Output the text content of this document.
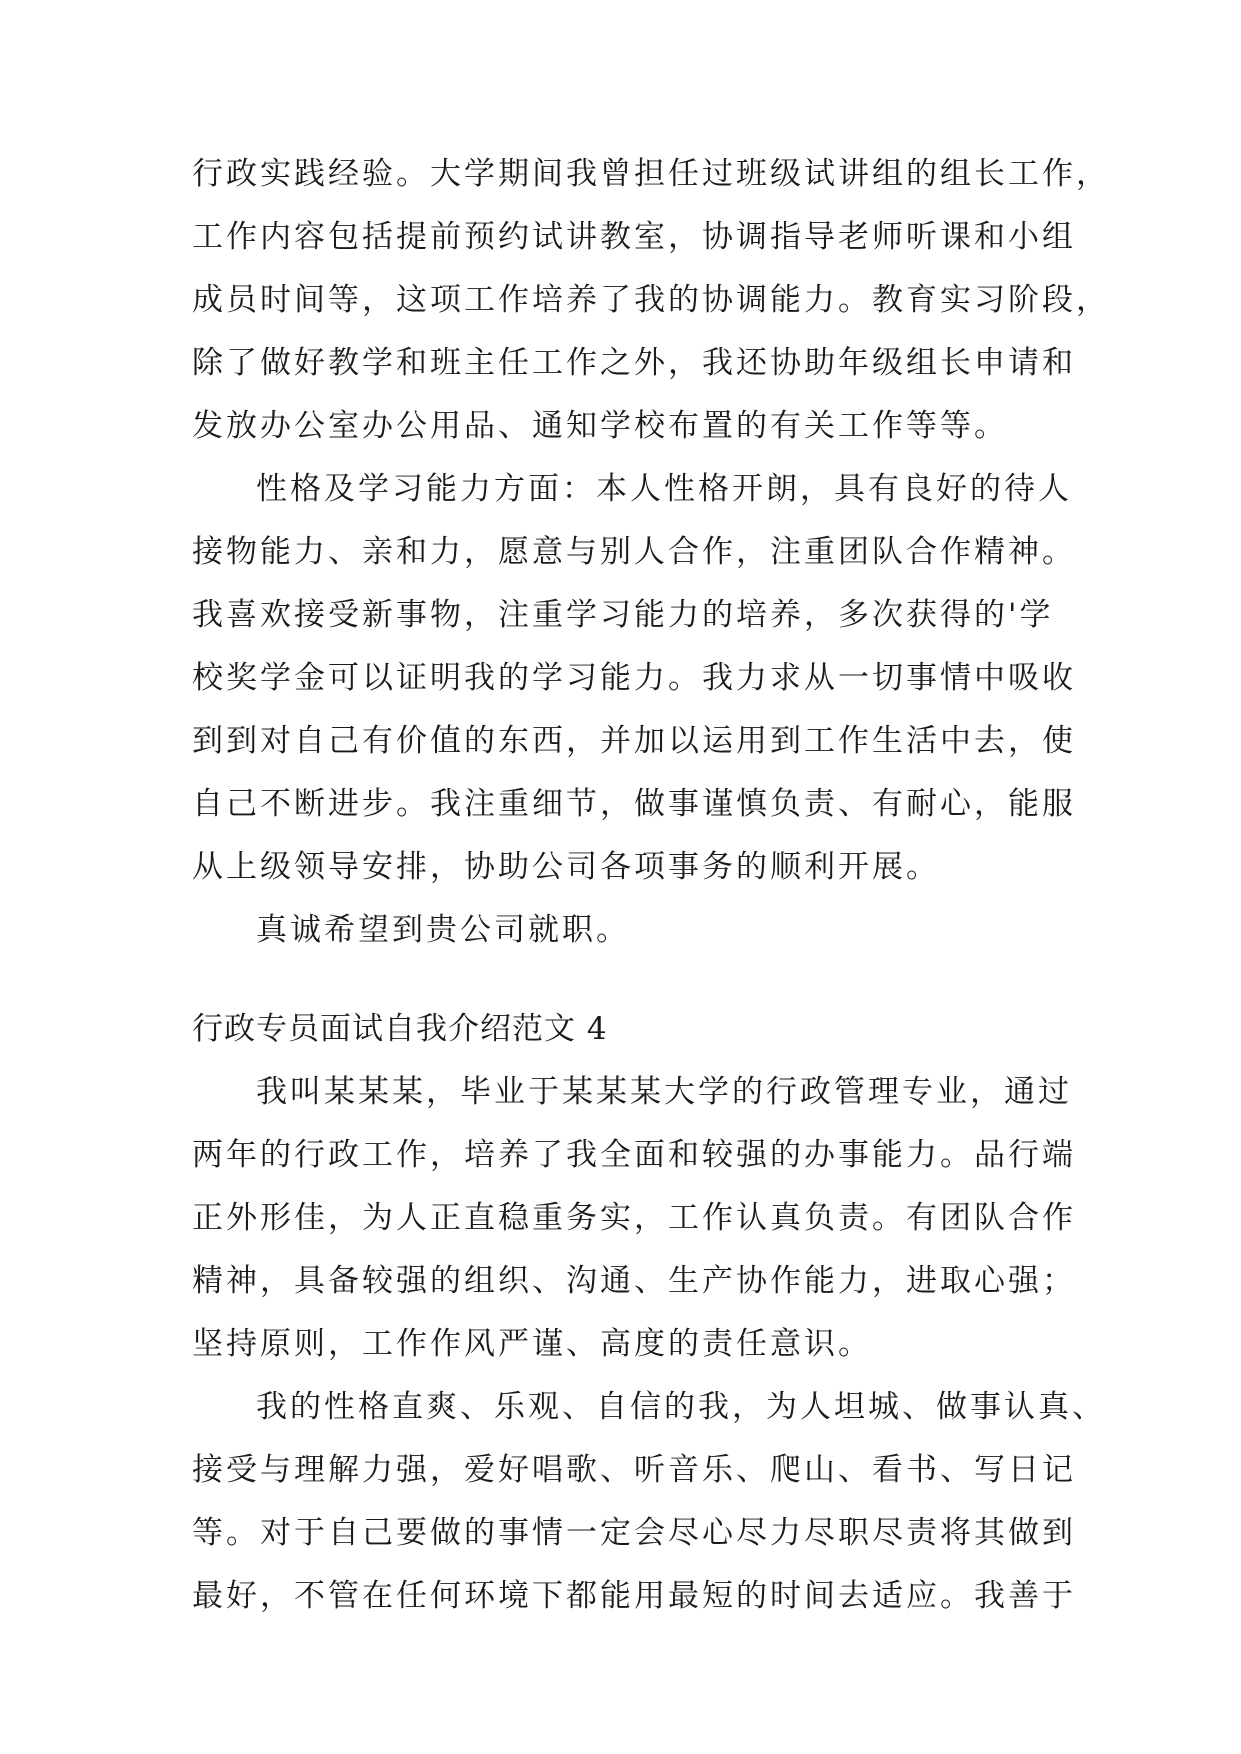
行政实践经验。大学期间我曾担任过班级试讲组的组长工作，
工作内容包括提前预约试讲教室，协调指导老师听课和小组
成员时间等，这项工作培养了我的协调能力。教育实习阶段，
除了做好教学和班主任工作之外，我还协助年级组长申请和
发放办公室办公用品、通知学校布置的有关工作等等。
性格及学习能力方面：本人性格开朗，具有良好的待人
接物能力、亲和力，愿意与别人合作，注重团队合作精神。
我喜欢接受新事物，注重学习能力的培养，多次获得的'学
校奖学金可以证明我的学习能力。我力求从一切事情中吸收
到到对自己有价值的东西，并加以运用到工作生活中去，使
自己不断进步。我注重细节，做事谨慎负责、有耐心，能服
从上级领导安排，协助公司各项事务的顺利开展。
真诚希望到贵公司就职。
行政专员面试自我介绍范文 4
我叫某某某，毕业于某某某大学的行政管理专业，通过
两年的行政工作，培养了我全面和较强的办事能力。品行端
正外形佳，为人正直稳重务实，工作认真负责。有团队合作
精神，具备较强的组织、沟通、生产协作能力，进取心强；
坚持原则，工作作风严谨、高度的责任意识。
我的性格直爽、乐观、自信的我，为人坦城、做事认真、
接受与理解力强，爱好唱歌、听音乐、爬山、看书、写日记
等。对于自己要做的事情一定会尽心尽力尽职尽责将其做到
最好，不管在任何环境下都能用最短的时间去适应。我善于
